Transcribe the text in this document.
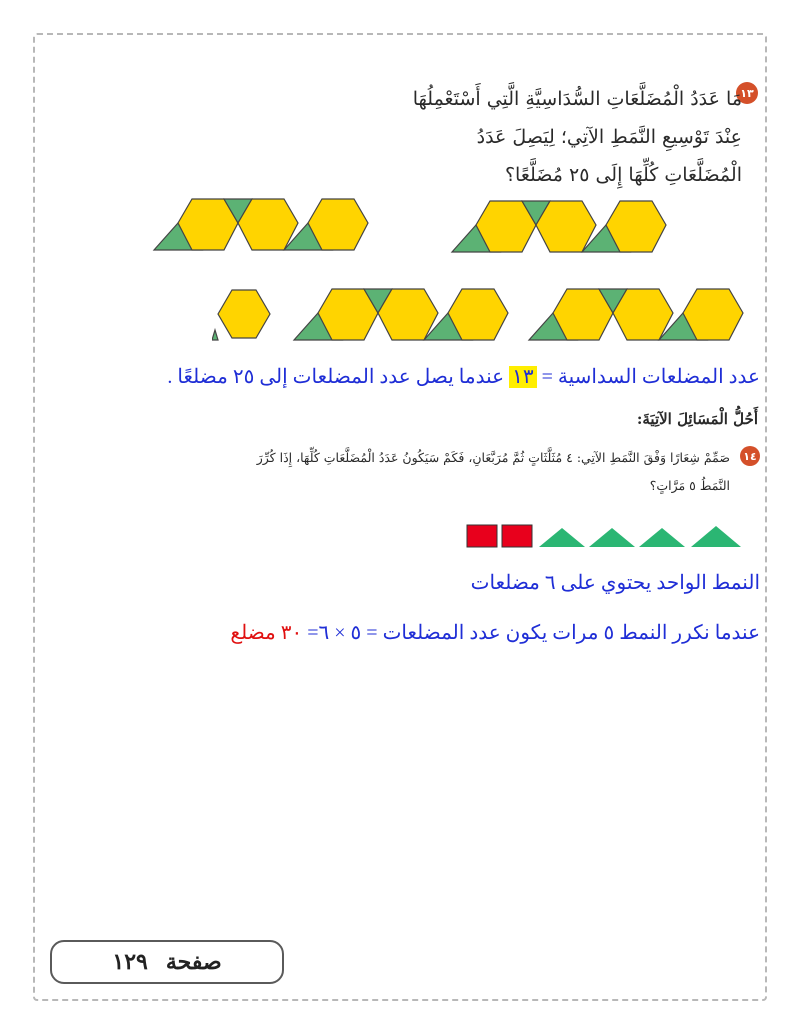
١٣
مَا عَدَدُ الْمُضَلَّعَاتِ السُّدَاسِيَّةِ الَّتِي أَسْتَعْمِلُهَا
عِنْدَ تَوْسِيعِ النَّمَطِ الآتِي؛ لِيَصِلَ عَدَدُ
الْمُضَلَّعَاتِ كُلِّهَا إِلَى ٢٥ مُضَلَّعًا؟
عدد المضلعات السداسية = ١٣ عندما يصل عدد المضلعات إلى ٢٥ مضلعًا .
أَحُلُّ الْمَسَائِلَ الآتِيَةَ:
١٤
صَمِّمْ شِعَارًا وَفْقَ النَّمَطِ الآتِي: ٤ مُثَلَّثَاتٍ ثُمَّ مُرَبَّعَانِ، فَكَمْ سَيَكُونُ عَدَدُ الْمُضَلَّعَاتِ كُلِّهَا، إِذَا كُرِّرَ
النَّمَطُ ٥ مَرَّاتٍ؟
النمط الواحد يحتوي على ٦ مضلعات
عندما نكرر النمط ٥ مرات يكون عدد المضلعات = ٥ × ٦= ٣٠ مضلع
صفحة
١٢٩
